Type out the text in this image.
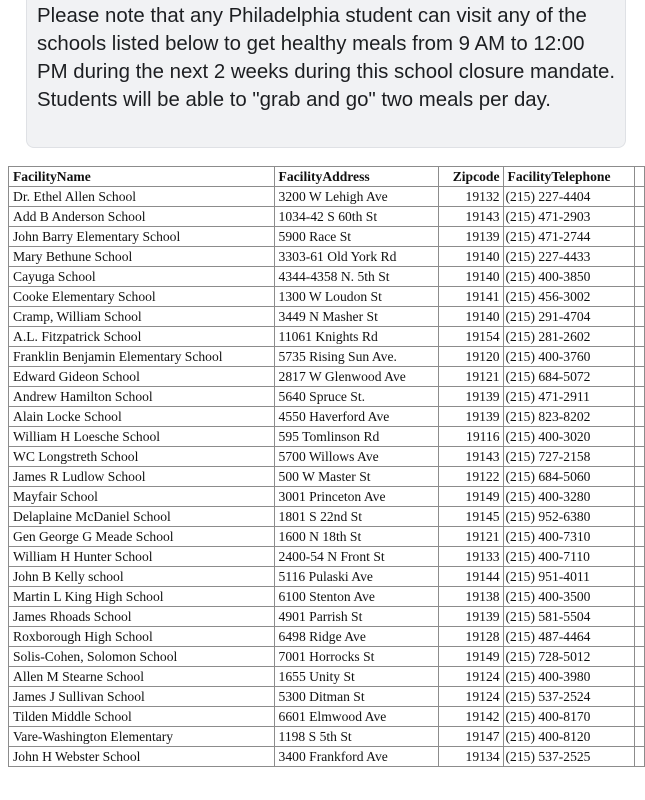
Please note that any Philadelphia student can visit any of the schools listed below to get healthy meals from 9 AM to 12:00 PM during the next 2 weeks during this school closure mandate. Students will be able to "grab and go" two meals per day.

FacilityName	FacilityAddress	Zipcode	FacilityTelephone	
Dr. Ethel Allen School	3200 W Lehigh Ave	19132	(215) 227-4404	
Add B Anderson School	1034-42 S 60th St	19143	(215) 471-2903	
John Barry Elementary School	5900 Race St	19139	(215) 471-2744	
Mary Bethune School	3303-61 Old York Rd	19140	(215) 227-4433	
Cayuga School	4344-4358 N. 5th St	19140	(215) 400-3850	
Cooke Elementary School	1300 W Loudon St	19141	(215) 456-3002	
Cramp, William School	3449 N Masher St	19140	(215) 291-4704	
A.L. Fitzpatrick School	11061 Knights Rd	19154	(215) 281-2602	
Franklin Benjamin Elementary School	5735 Rising Sun Ave.	19120	(215) 400-3760	
Edward Gideon School	2817 W Glenwood Ave	19121	(215) 684-5072	
Andrew Hamilton School	5640 Spruce St.	19139	(215) 471-2911	
Alain Locke School	4550 Haverford Ave	19139	(215) 823-8202	
William H Loesche School	595 Tomlinson Rd	19116	(215) 400-3020	
WC Longstreth School	5700 Willows Ave	19143	(215) 727-2158	
James R Ludlow School	500 W Master St	19122	(215) 684-5060	
Mayfair School	3001 Princeton Ave	19149	(215) 400-3280	
Delaplaine McDaniel School	1801 S 22nd St	19145	(215) 952-6380	
Gen George G Meade School	1600 N 18th St	19121	(215) 400-7310	
William H Hunter School	2400-54 N Front St	19133	(215) 400-7110	
John B Kelly school	5116 Pulaski Ave	19144	(215) 951-4011	
Martin L King High School	6100 Stenton Ave	19138	(215) 400-3500	
James Rhoads School	4901 Parrish St	19139	(215) 581-5504	
Roxborough High School	6498 Ridge Ave	19128	(215) 487-4464	
Solis-Cohen, Solomon School	7001 Horrocks St	19149	(215) 728-5012	
Allen M Stearne School	1655 Unity St	19124	(215) 400-3980	
James J Sullivan School	5300 Ditman St	19124	(215) 537-2524	
Tilden Middle School	6601 Elmwood Ave	19142	(215) 400-8170	
Vare-Washington Elementary	1198 S 5th St	19147	(215) 400-8120	
John H Webster School	3400 Frankford Ave	19134	(215) 537-2525	
